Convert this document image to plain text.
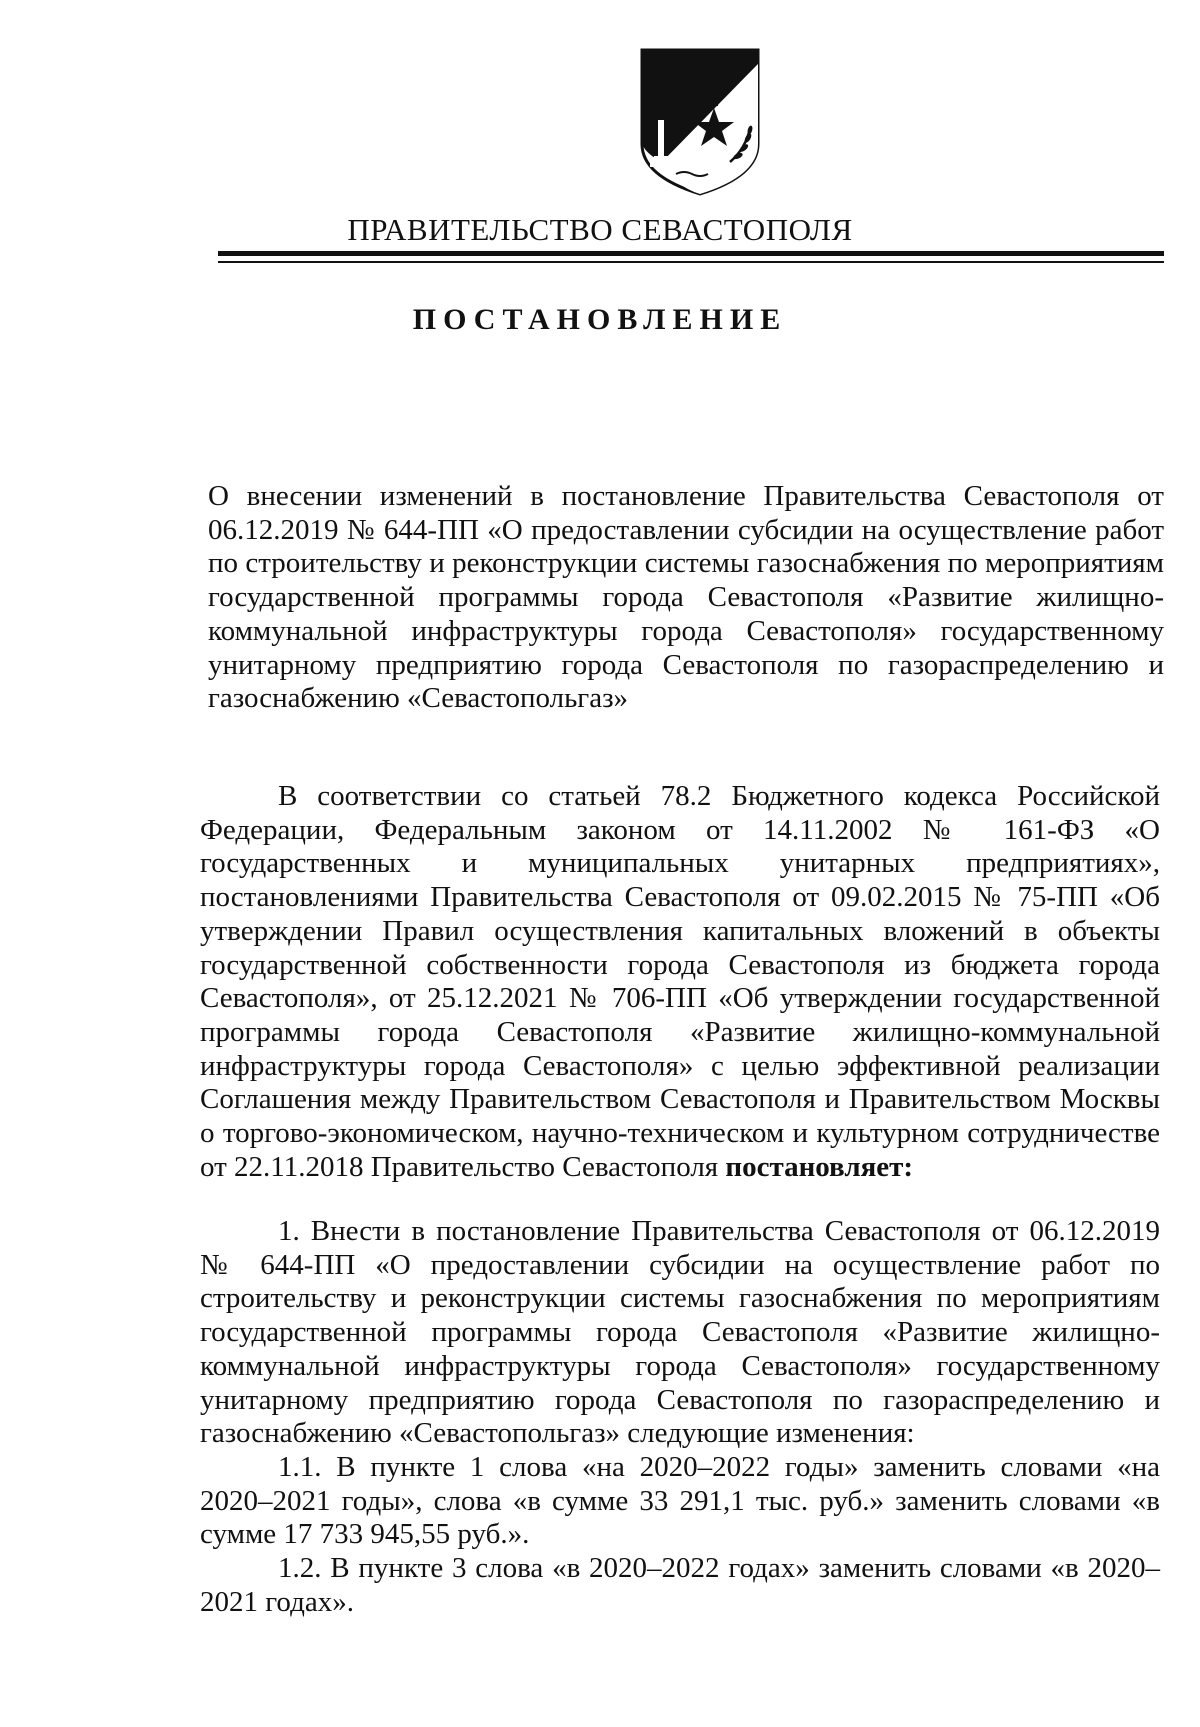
ПРАВИТЕЛЬСТВО СЕВАСТОПОЛЯ
ПОСТАНОВЛЕНИЕ
О внесении изменений в постановление Правительства Севастополя от 06.12.2019 № 644-ПП «О предоставлении субсидии на осуществление работ по строительству и реконструкции системы газоснабжения по мероприятиям государственной программы города Севастополя «Развитие жилищно-коммунальной инфраструктуры города Севастополя» государственному унитарному предприятию города Севастополя по газораспределению и газоснабжению «Севастопольгаз»
В соответствии со статьей 78.2 Бюджетного кодекса Российской Федерации, Федеральным законом от 14.11.2002 № 161-ФЗ «О государственных и муниципальных унитарных предприятиях», постановлениями Правительства Севастополя от 09.02.2015 № 75-ПП «Об утверждении Правил осуществления капитальных вложений в объекты государственной собственности города Севастополя из бюджета города Севастополя», от 25.12.2021 № 706-ПП «Об утверждении государственной программы города Севастополя «Развитие жилищно-коммунальной инфраструктуры города Севастополя» с целью эффективной реализации Соглашения между Правительством Севастополя и Правительством Москвы о торгово-экономическом, научно-техническом и культурном сотрудничестве от 22.11.2018 Правительство Севастополя постановляет:
1. Внести в постановление Правительства Севастополя от 06.12.2019 № 644-ПП «О предоставлении субсидии на осуществление работ по строительству и реконструкции системы газоснабжения по мероприятиям государственной программы города Севастополя «Развитие жилищно-коммунальной инфраструктуры города Севастополя» государственному унитарному предприятию города Севастополя по газораспределению и газоснабжению «Севастопольгаз» следующие изменения:
1.1. В пункте 1 слова «на 2020–2022 годы» заменить словами «на 2020–2021 годы», слова «в сумме 33 291,1 тыс. руб.» заменить словами «в сумме 17 733 945,55 руб.».
1.2. В пункте 3 слова «в 2020–2022 годах» заменить словами «в 2020–2021 годах».
